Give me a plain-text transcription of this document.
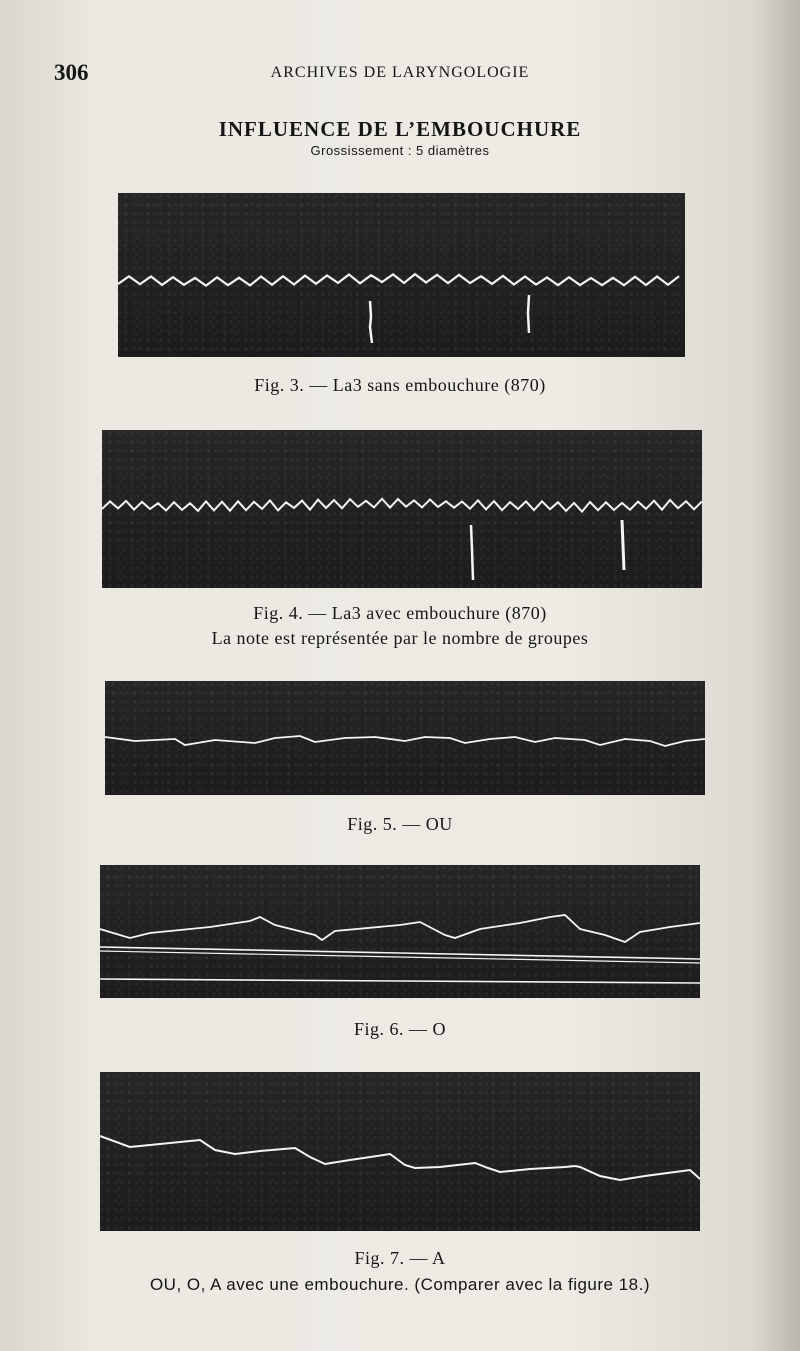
306	ARCHIVES DE LARYNGOLOGIE
INFLUENCE DE L’EMBOUCHURE
Grossissement : 5 diamètres
Fig. 3. — La3 sans embouchure (870)
Fig. 4. — La3 avec embouchure (870)
La note est représentée par le nombre de groupes
Fig. 5. — OU
Fig. 6. — O
Fig. 7. — A
OU, O, A avec une embouchure. (Comparer avec la figure 18.)
